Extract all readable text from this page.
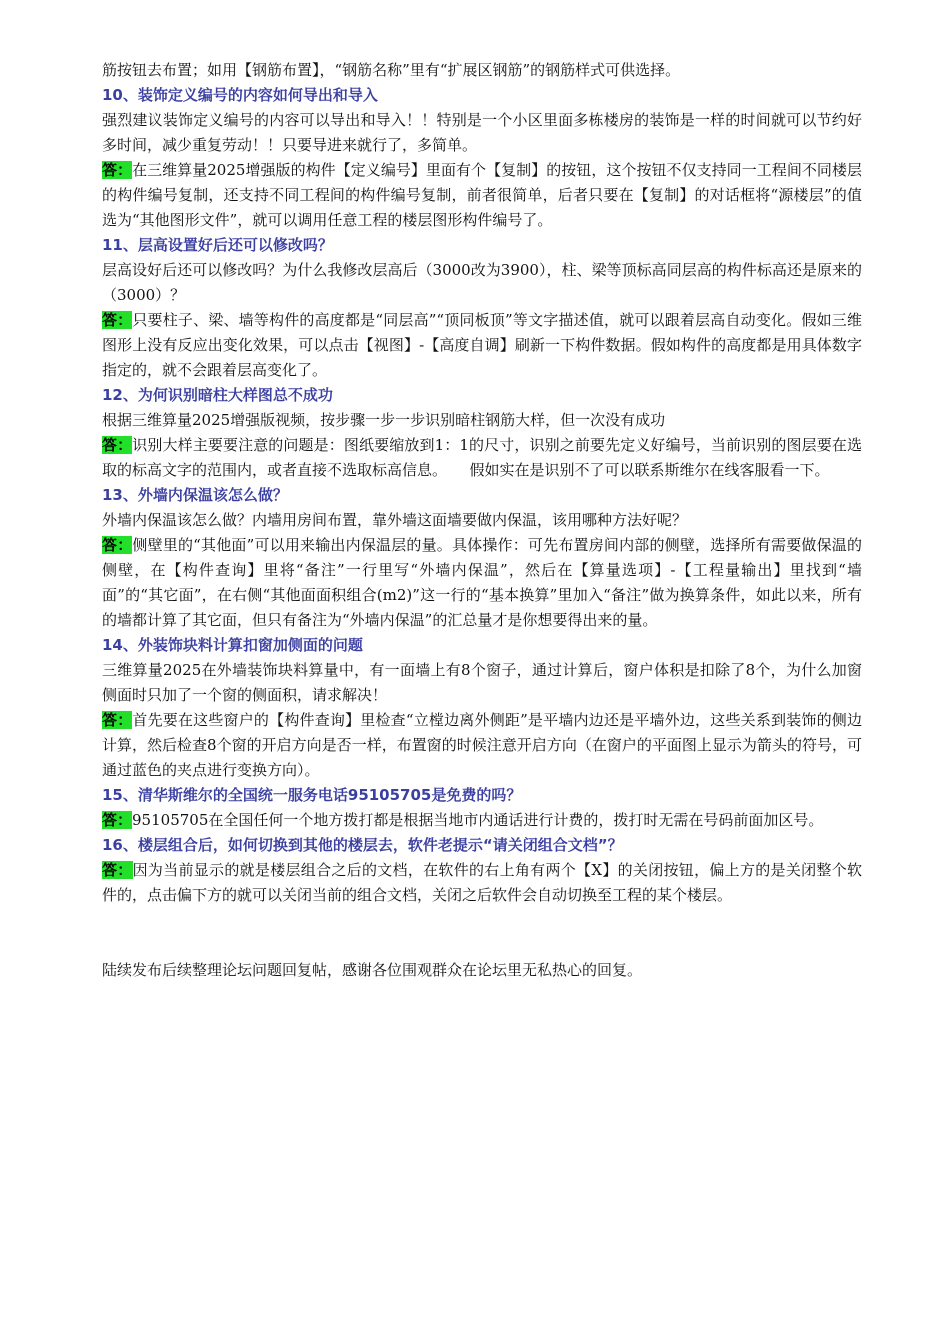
筋按钮去布置；如用【钢筋布置】，“钢筋名称”里有“扩展区钢筋”的钢筋样式可供选择。

10、装饰定义编号的内容如何导出和导入

强烈建议装饰定义编号的内容可以导出和导入！！特别是一个小区里面多栋楼房的装饰是一样的时间就可以节约好多时间，减少重复劳动！！只要导进来就行了，多简单。

答：在三维算量2025增强版的构件【定义编号】里面有个【复制】的按钮，这个按钮不仅支持同一工程间不同楼层的构件编号复制，还支持不同工程间的构件编号复制，前者很简单，后者只要在【复制】的对话框将“源楼层”的值选为“其他图形文件”，就可以调用任意工程的楼层图形构件编号了。

11、层高设置好后还可以修改吗？

层高设好后还可以修改吗？为什么我修改层高后（3000改为3900），柱、梁等顶标高同层高的构件标高还是原来的（3000）？

答：只要柱子、梁、墙等构件的高度都是“同层高”“顶同板顶”等文字描述值，就可以跟着层高自动变化。假如三维图形上没有反应出变化效果，可以点击【视图】-【高度自调】刷新一下构件数据。假如构件的高度都是用具体数字指定的，就不会跟着层高变化了。

12、为何识别暗柱大样图总不成功

根据三维算量2025增强版视频，按步骤一步一步识别暗柱钢筋大样，但一次没有成功

答：识别大样主要要注意的问题是：图纸要缩放到1：1的尺寸，识别之前要先定义好编号，当前识别的图层要在选取的标高文字的范围内，或者直接不选取标高信息。　　假如实在是识别不了可以联系斯维尔在线客服看一下。

13、外墙内保温该怎么做？

外墙内保温该怎么做？内墙用房间布置，靠外墙这面墙要做内保温，该用哪种方法好呢？

答：侧壁里的“其他面”可以用来输出内保温层的量。具体操作：可先布置房间内部的侧壁，选择所有需要做保温的侧壁，在【构件查询】里将“备注”一行里写“外墙内保温”，然后在【算量选项】-【工程量输出】里找到“墙面”的“其它面”，在右侧“其他面面积组合(m2)”这一行的“基本换算”里加入“备注”做为换算条件，如此以来，所有的墙都计算了其它面，但只有备注为“外墙内保温”的汇总量才是你想要得出来的量。

14、外装饰块料计算扣窗加侧面的问题

三维算量2025在外墙装饰块料算量中，有一面墙上有8个窗子，通过计算后，窗户体积是扣除了8个，为什么加窗侧面时只加了一个窗的侧面积，请求解决！

答：首先要在这些窗户的【构件查询】里检查“立樘边离外侧距”是平墙内边还是平墙外边，这些关系到装饰的侧边计算，然后检查8个窗的开启方向是否一样，布置窗的时候注意开启方向（在窗户的平面图上显示为箭头的符号，可通过蓝色的夹点进行变换方向）。

15、清华斯维尔的全国统一服务电话95105705是免费的吗？

答：95105705在全国任何一个地方拨打都是根据当地市内通话进行计费的，拨打时无需在号码前面加区号。

16、楼层组合后，如何切换到其他的楼层去，软件老提示“请关闭组合文档”？

答：因为当前显示的就是楼层组合之后的文档，在软件的右上角有两个【X】的关闭按钮，偏上方的是关闭整个软件的，点击偏下方的就可以关闭当前的组合文档，关闭之后软件会自动切换至工程的某个楼层。

陆续发布后续整理论坛问题回复帖，感谢各位围观群众在论坛里无私热心的回复。
